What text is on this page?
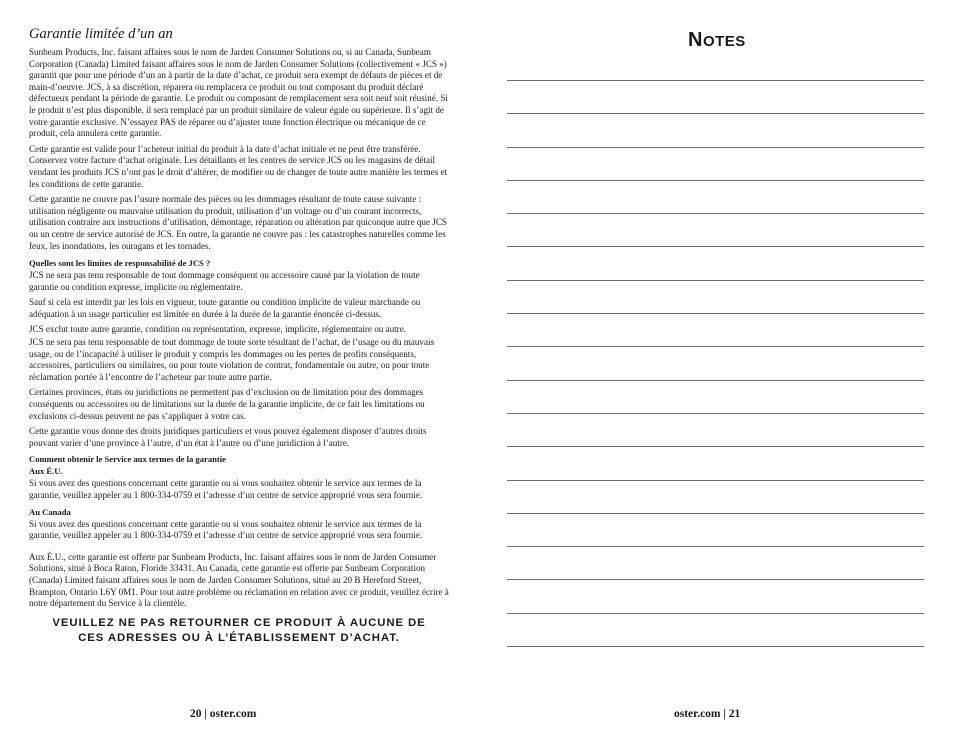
Garantie limitée d’un an

Sunbeam Products, Inc. faisant affaires sous le nom de Jarden Consumer Solutions ou, si au Canada, Sunbeam Corporation (Canada) Limited faisant affaires sous le nom de Jarden Consumer Solutions (collectivement « JCS ») garantit que pour une période d’un an à partir de la date d’achat, ce produit sera exempt de défauts de pièces et de main-d’oeuvre. JCS, à sa discrétion, réparera ou remplacera ce produit ou tout composant du produit déclaré défectueux pendant la période de garantie. Le produit ou composant de remplacement sera soit neuf soit réusiné. Si le produit n’est plus disponible, il sera remplacé par un produit similaire de valeur égale ou supérieure. Il s’agit de votre garantie exclusive. N’essayez PAS de réparer ou d’ajuster toute fonction électrique ou mécanique de ce produit, cela annulera cette garantie.

Cette garantie est valide pour l’acheteur initial du produit à la date d’achat initiale et ne peut être transférée. Conservez votre facture d’achat originale. Les détaillants et les centres de service JCS ou les magasins de détail vendant les produits JCS n’ont pas le droit d’altérer, de modifier ou de changer de toute autre manière les termes et les conditions de cette garantie.

Cette garantie ne couvre pas l’usure normale des pièces ou les dommages résultant de toute cause suivante : utilisation négligente ou mauvaise utilisation du produit, utilisation d’un voltage ou d’un courant incorrects, utilisation contraire aux instructions d’utilisation, démontage, réparation ou altération par quiconque autre que JCS ou un centre de service autorisé de JCS. En outre, la garantie ne couvre pas : les catastrophes naturelles comme les feux, les inondations, les ouragans et les tornades.

Quelles sont les limites de responsabilité de JCS ?

JCS ne sera pas tenu responsable de tout dommage conséquent ou accessoire causé par la violation de toute garantie ou condition expresse, implicite ou réglementaire.

Sauf si cela est interdit par les lois en vigueur, toute garantie ou condition implicite de valeur marchande ou adéquation à un usage particulier est limitée en durée à la durée de la garantie énoncée ci-dessus.

JCS exclut toute autre garantie, condition ou représentation, expresse, implicite, réglementaire ou autre.

JCS ne sera pas tenu responsable de tout dommage de toute sorte résultant de l’achat, de l’usage ou du mauvais usage, ou de l’incapacité à utiliser le produit y compris les dommages ou les pertes de profits conséquents, accessoires, particuliers ou similaires, ou pour toute violation de contrat, fondamentale ou autre, ou pour toute réclamation portée à l’encontre de l’acheteur par toute autre partie.

Certaines provinces, états ou juridictions ne permettent pas d’exclusion ou de limitation pour des dommages conséquents ou accessoires ou de limitations sur la durée de la garantie implicite, de ce fait les limitations ou exclusions ci-dessus peuvent ne pas s’appliquer à votre cas.

Cette garantie vous donne des droits juridiques particuliers et vous pouvez également disposer d’autres droits pouvant varier d’une province à l’autre, d’un état à l’autre ou d’une juridiction à l’autre.

Comment obtenir le Service aux termes de la garantie
Aux É.U.

Si vous avez des questions concernant cette garantie ou si vous souhaitez obtenir le service aux termes de la garantie, veuillez appeler au 1 800-334-0759 et l’adresse d’un centre de service approprié vous sera fournie.

Au Canada

Si vous avez des questions concernant cette garantie ou si vous souhaitez obtenir le service aux termes de la garantie, veuillez appeler au 1 800-334-0759 et l’adresse d’un centre de service approprié vous sera fournie.

Aux É.U., cette garantie est offerte par Sunbeam Products, Inc. faisant affaires sous le nom de Jarden Consumer Solutions, situé à Boca Raton, Floride 33431. Au Canada, cette garantie est offerte par Sunbeam Corporation (Canada) Limited faisant affaires sous le nom de Jarden Consumer Solutions, situé au 20 B Hereford Street, Brampton, Ontario L6Y 0M1. Pour tout autre problème ou réclamation en relation avec ce produit, veuillez écrire à notre département du Service à la clientèle.

VEUILLEZ NE PAS RETOURNER CE PRODUIT À AUCUNE DE
CES ADRESSES OU À L’ÉTABLISSEMENT D’ACHAT.
20 | oster.com
NOTES
oster.com | 21
